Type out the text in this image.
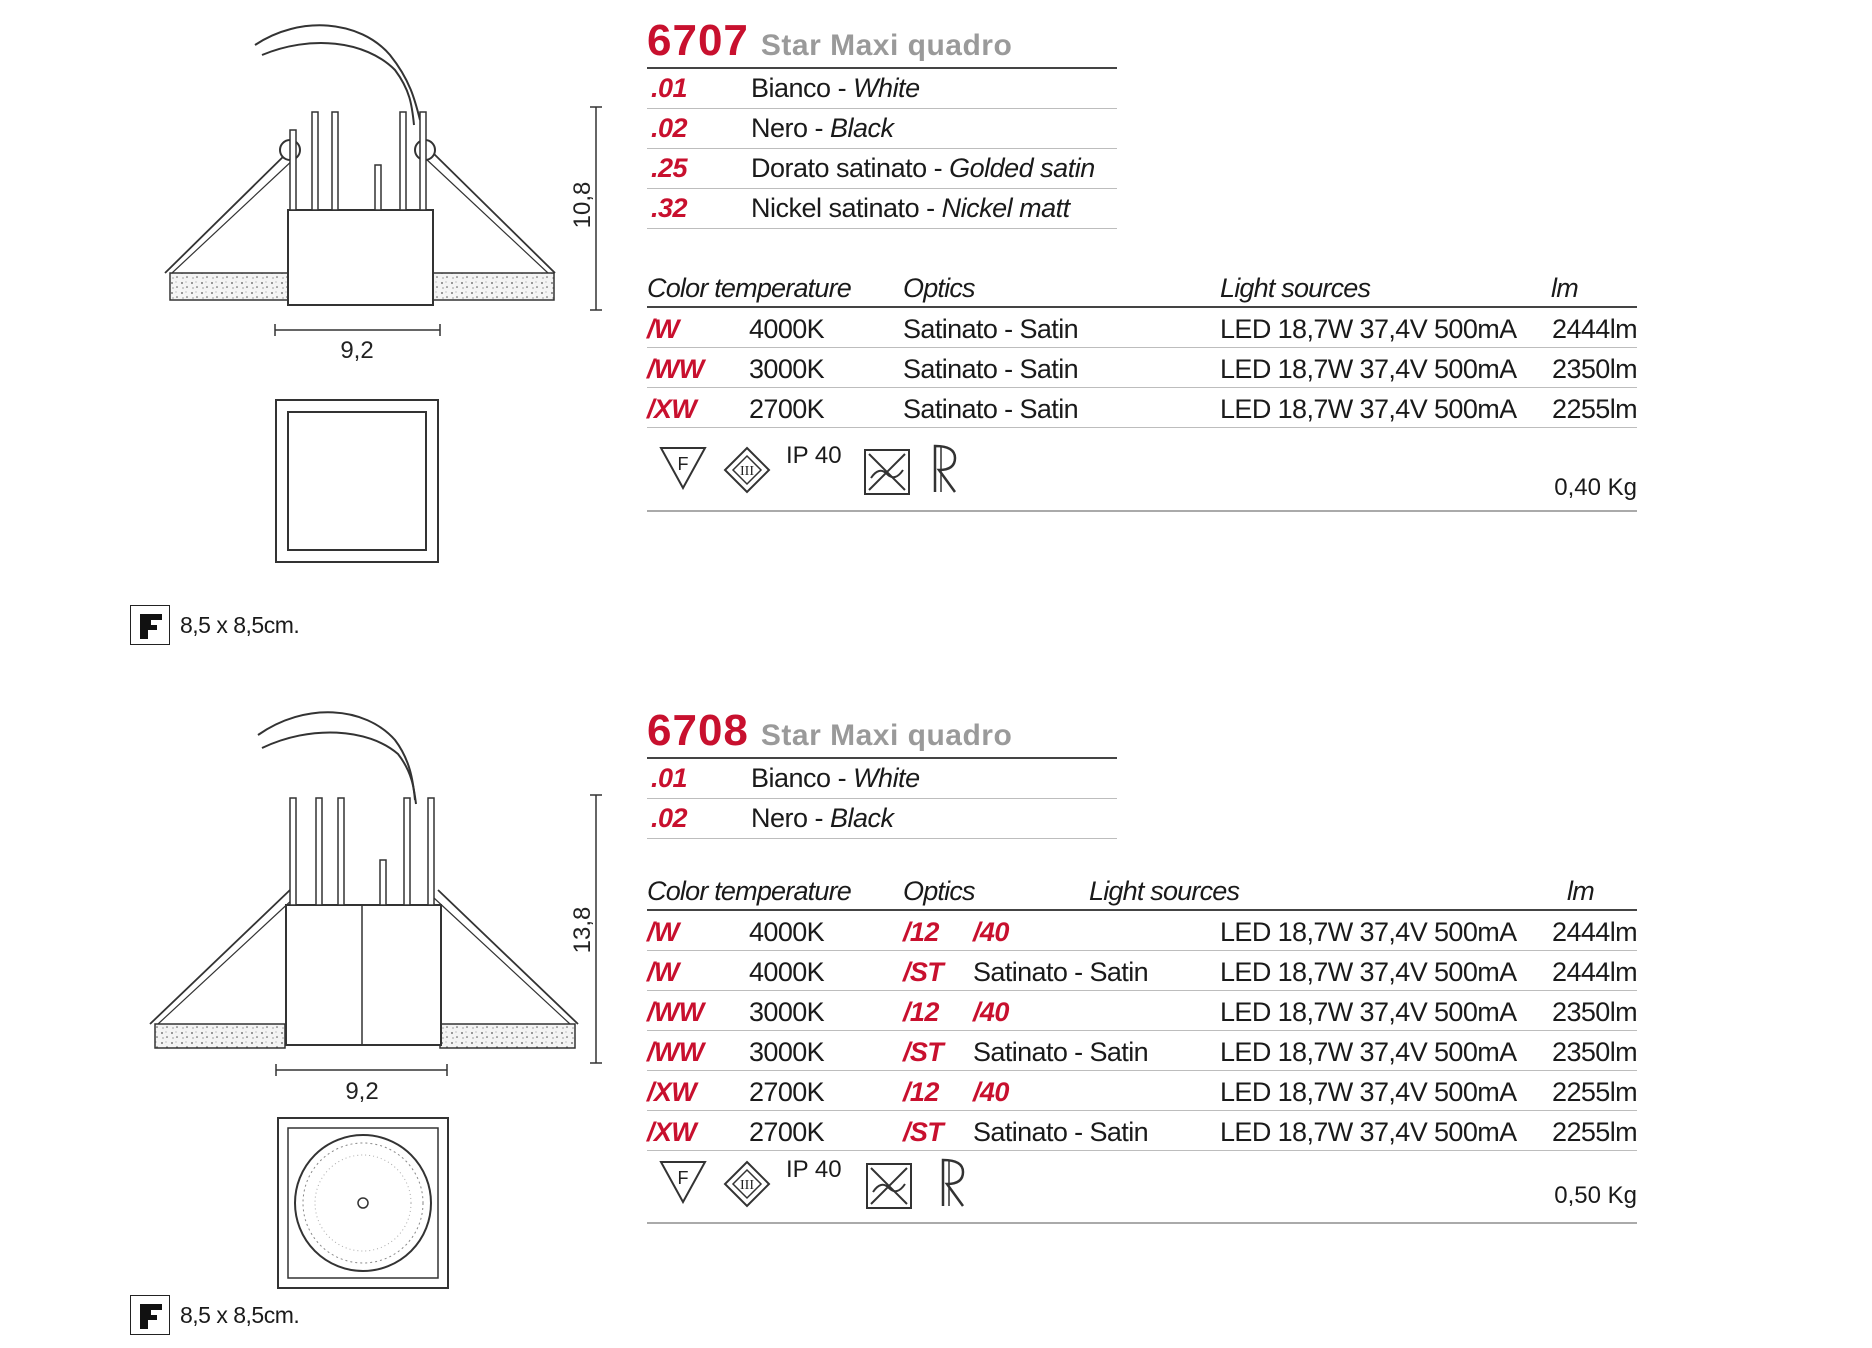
10,8
9,2
8,5 x 8,5cm.
6707 Star Maxi quadro
.01	Bianco - White
.02	Nero - Black
.25	Dorato satinato - Golded satin
.32	Nickel satinato - Nickel matt
Color temperature Optics	Light sources	lm
/W	4000K	Satinato - Satin	LED 18,7W 37,4V 500mA 2444lm
/WW 3000K	Satinato - Satin	LED 18,7W 37,4V 500mA 2350lm
/XW 2700K	Satinato - Satin	LED 18,7W 37,4V 500mA 2255lm
F	III
IP 40
0,40 Kg
13,8
9,2
8,5 x 8,5cm.
6708 Star Maxi quadro
.01	Bianco - White
.02	Nero - Black
Color temperature Optics	Light sources	lm
/W	4000K	/12 /40	LED 18,7W 37,4V 500mA 2444lm
/W	4000K	/ST Satinato - Satin	LED 18,7W 37,4V 500mA 2444lm
/WW 3000K	/12 /40	LED 18,7W 37,4V 500mA 2350lm
/WW 3000K	/ST Satinato - Satin	LED 18,7W 37,4V 500mA 2350lm
/XW 2700K	/12 /40	LED 18,7W 37,4V 500mA 2255lm
/XW 2700K	/ST Satinato - Satin	LED 18,7W 37,4V 500mA 2255lm
F	III
IP 40
0,50 Kg
